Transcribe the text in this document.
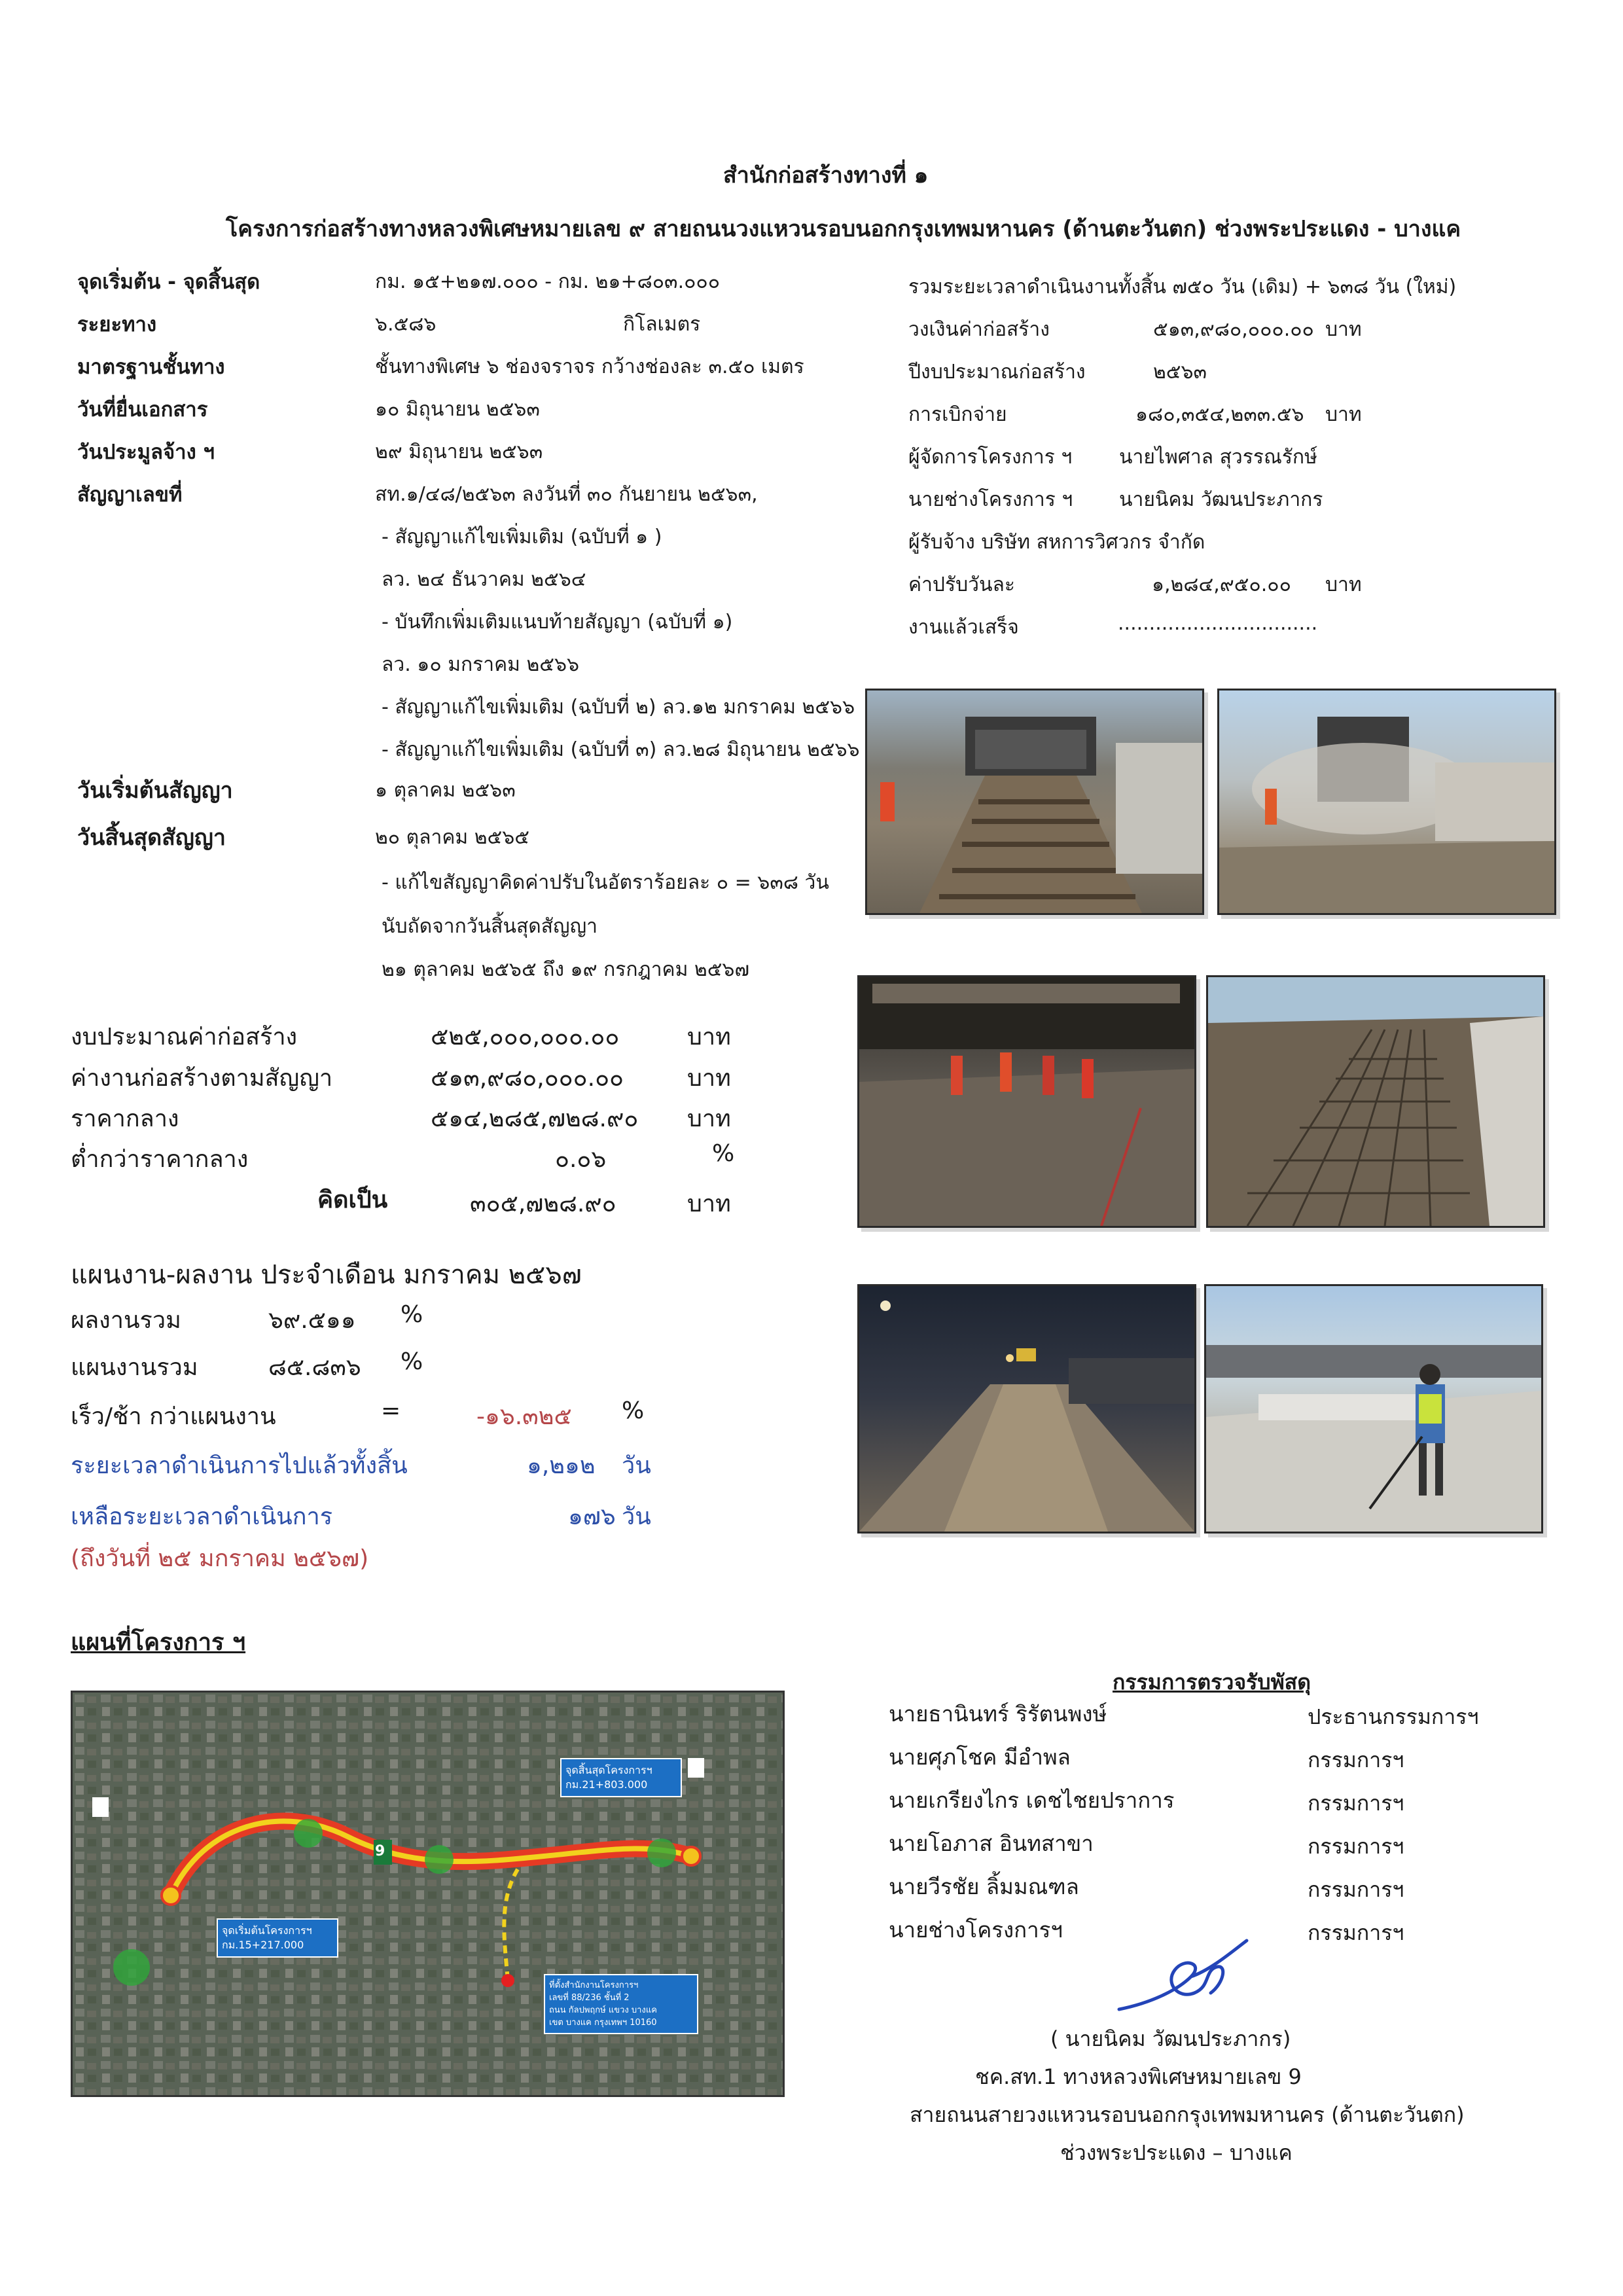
สำนักก่อสร้างทางที่ ๑
โครงการก่อสร้างทางหลวงพิเศษหมายเลข ๙ สายถนนวงแหวนรอบนอกกรุงเทพมหานคร (ด้านตะวันตก) ช่วงพระประแดง - บางแค
จุดเริ่มต้น - จุดสิ้นสุด	กม. ๑๕+๒๑๗.๐๐๐ - กม. ๒๑+๘๐๓.๐๐๐
ระยะทาง	๖.๕๘๖	กิโลเมตร
มาตรฐานชั้นทาง	ชั้นทางพิเศษ ๖ ช่องจราจร กว้างช่องละ ๓.๕๐ เมตร
วันที่ยื่นเอกสาร	๑๐ มิถุนายน ๒๕๖๓
วันประมูลจ้าง ฯ	๒๙ มิถุนายน ๒๕๖๓
สัญญาเลขที่	สท.๑/๔๘/๒๕๖๓ ลงวันที่ ๓๐ กันยายน ๒๕๖๓,
- สัญญาแก้ไขเพิ่มเติม (ฉบับที่ ๑ )
ลว. ๒๔ ธันวาคม ๒๕๖๔
- บันทึกเพิ่มเติมแนบท้ายสัญญา (ฉบับที่ ๑)
ลว. ๑๐ มกราคม ๒๕๖๖
- สัญญาแก้ไขเพิ่มเติม (ฉบับที่ ๒) ลว.๑๒ มกราคม ๒๕๖๖
- สัญญาแก้ไขเพิ่มเติม (ฉบับที่ ๓) ลว.๒๘ มิถุนายน ๒๕๖๖
รวมระยะเวลาดำเนินงานทั้งสิ้น ๗๕๐ วัน (เดิม) + ๖๓๘ วัน (ใหม่)
วงเงินค่าก่อสร้าง	๕๑๓,๙๘๐,๐๐๐.๐๐ บาท
ปีงบประมาณก่อสร้าง	๒๕๖๓
การเบิกจ่าย	๑๘๐,๓๕๔,๒๓๓.๕๖ บาท
ผู้จัดการโครงการ ฯ นายไพศาล สุวรรณรักษ์
นายช่างโครงการ ฯ นายนิคม วัฒนประภากร
ผู้รับจ้าง บริษัท สหการวิศวกร จำกัด
ค่าปรับวันละ	๑,๒๘๔,๙๕๐.๐๐ บาท
งานแล้วเสร็จ	................................
วันเริ่มต้นสัญญา	๑ ตุลาคม ๒๕๖๓
วันสิ้นสุดสัญญา	๒๐ ตุลาคม ๒๕๖๕
- แก้ไขสัญญาคิดค่าปรับในอัตราร้อยละ ๐ = ๖๓๘ วัน
นับถัดจากวันสิ้นสุดสัญญา
๒๑ ตุลาคม ๒๕๖๕ ถึง ๑๙ กรกฎาคม ๒๕๖๗
งบประมาณค่าก่อสร้าง	๕๒๕,๐๐๐,๐๐๐.๐๐	บาท
ค่างานก่อสร้างตามสัญญา	๕๑๓,๙๘๐,๐๐๐.๐๐	บาท
ราคากลาง	๕๑๔,๒๘๕,๗๒๘.๙๐ บาท
ต่ำกว่าราคากลาง	๐.๐๖	%
คิดเป็น	๓๐๕,๗๒๘.๙๐	บาท
แผนงาน-ผลงาน ประจำเดือน มกราคม ๒๕๖๗
ผลงานรวม	๖๙.๕๑๑ %
แผนงานรวม	๘๕.๘๓๖ %
เร็ว/ช้า กว่าแผนงาน	=	-๑๖.๓๒๕ %
ระยะเวลาดำเนินการไปแล้วทั้งสิ้น	๑,๒๑๒ วัน
เหลือระยะเวลาดำเนินการ	๑๗๖ วัน
(ถึงวันที่ ๒๕ มกราคม ๒๕๖๗)
แผนที่โครงการ ฯ
9
จุดสิ้นสุดโครงการฯ
กม.21+803.000
จุดเริ่มต้นโครงการฯ
กม.15+217.000
ที่ตั้งสำนักงานโครงการฯ
เลขที่ 88/236 ชั้นที่ 2
ถนน กัลปพฤกษ์ แขวง บางแค
เขต บางแค กรุงเทพฯ 10160
กรรมการตรวจรับพัสดุ
นายธานินทร์ ริรัตนพงษ์	ประธานกรรมการฯ
นายศุภโชค มีอำพล	กรรมการฯ
นายเกรียงไกร เดชไชยปราการ	กรรมการฯ
นายโอภาส อินทสาขา	กรรมการฯ
นายวีรชัย ลิ้มมณฑล	กรรมการฯ
นายช่างโครงการฯ	กรรมการฯ
( นายนิคม วัฒนประภากร)
ชค.สท.1 ทางหลวงพิเศษหมายเลข 9
สายถนนสายวงแหวนรอบนอกกรุงเทพมหานคร (ด้านตะวันตก)
ช่วงพระประแดง – บางแค
